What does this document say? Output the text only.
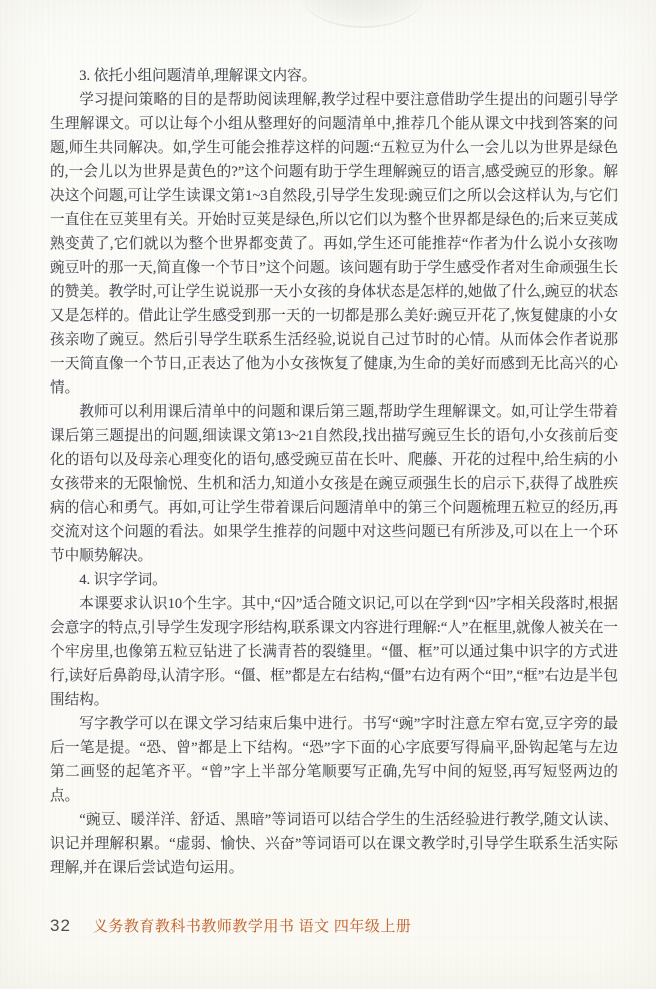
3. 依托小组问题清单,理解课文内容。

学习提问策略的目的是帮助阅读理解,教学过程中要注意借助学生提出的问题引导学生理解课文。可以让每个小组从整理好的问题清单中,推荐几个能从课文中找到答案的问题,师生共同解决。如,学生可能会推荐这样的问题:“五粒豆为什么一会儿以为世界是绿色的,一会儿以为世界是黄色的?”这个问题有助于学生理解豌豆的语言,感受豌豆的形象。解决这个问题,可让学生读课文第1~3自然段,引导学生发现:豌豆们之所以会这样认为,与它们一直住在豆荚里有关。开始时豆荚是绿色,所以它们以为整个世界都是绿色的;后来豆荚成熟变黄了,它们就以为整个世界都变黄了。再如,学生还可能推荐“作者为什么说小女孩吻豌豆叶的那一天,简直像一个节日”这个问题。该问题有助于学生感受作者对生命顽强生长的赞美。教学时,可让学生说说那一天小女孩的身体状态是怎样的,她做了什么,豌豆的状态又是怎样的。借此让学生感受到那一天的一切都是那么美好:豌豆开花了,恢复健康的小女孩亲吻了豌豆。然后引导学生联系生活经验,说说自己过节时的心情。从而体会作者说那一天简直像一个节日,正表达了他为小女孩恢复了健康,为生命的美好而感到无比高兴的心情。

教师可以利用课后清单中的问题和课后第三题,帮助学生理解课文。如,可让学生带着课后第三题提出的问题,细读课文第13~21自然段,找出描写豌豆生长的语句,小女孩前后变化的语句以及母亲心理变化的语句,感受豌豆苗在长叶、爬藤、开花的过程中,给生病的小女孩带来的无限愉悦、生机和活力,知道小女孩是在豌豆顽强生长的启示下,获得了战胜疾病的信心和勇气。再如,可让学生带着课后问题清单中的第三个问题梳理五粒豆的经历,再交流对这个问题的看法。如果学生推荐的问题中对这些问题已有所涉及,可以在上一个环节中顺势解决。

4. 识字学词。

本课要求认识10个生字。其中,“囚”适合随文识记,可以在学到“囚”字相关段落时,根据会意字的特点,引导学生发现字形结构,联系课文内容进行理解:“人”在框里,就像人被关在一个牢房里,也像第五粒豆钻进了长满青苔的裂缝里。“僵、框”可以通过集中识字的方式进行,读好后鼻韵母,认清字形。“僵、框”都是左右结构,“僵”右边有两个“田”,“框”右边是半包围结构。

写字教学可以在课文学习结束后集中进行。书写“豌”字时注意左窄右宽,豆字旁的最后一笔是提。“恐、曾”都是上下结构。“恐”字下面的心字底要写得扁平,卧钩起笔与左边第二画竖的起笔齐平。“曾”字上半部分笔顺要写正确,先写中间的短竖,再写短竖两边的点。

“豌豆、暖洋洋、舒适、黑暗”等词语可以结合学生的生活经验进行教学,随文认读、识记并理解积累。“虚弱、愉快、兴奋”等词语可以在课文教学时,引导学生联系生活实际理解,并在课后尝试造句运用。

32 义务教育教科书教师教学用书 语文 四年级上册
